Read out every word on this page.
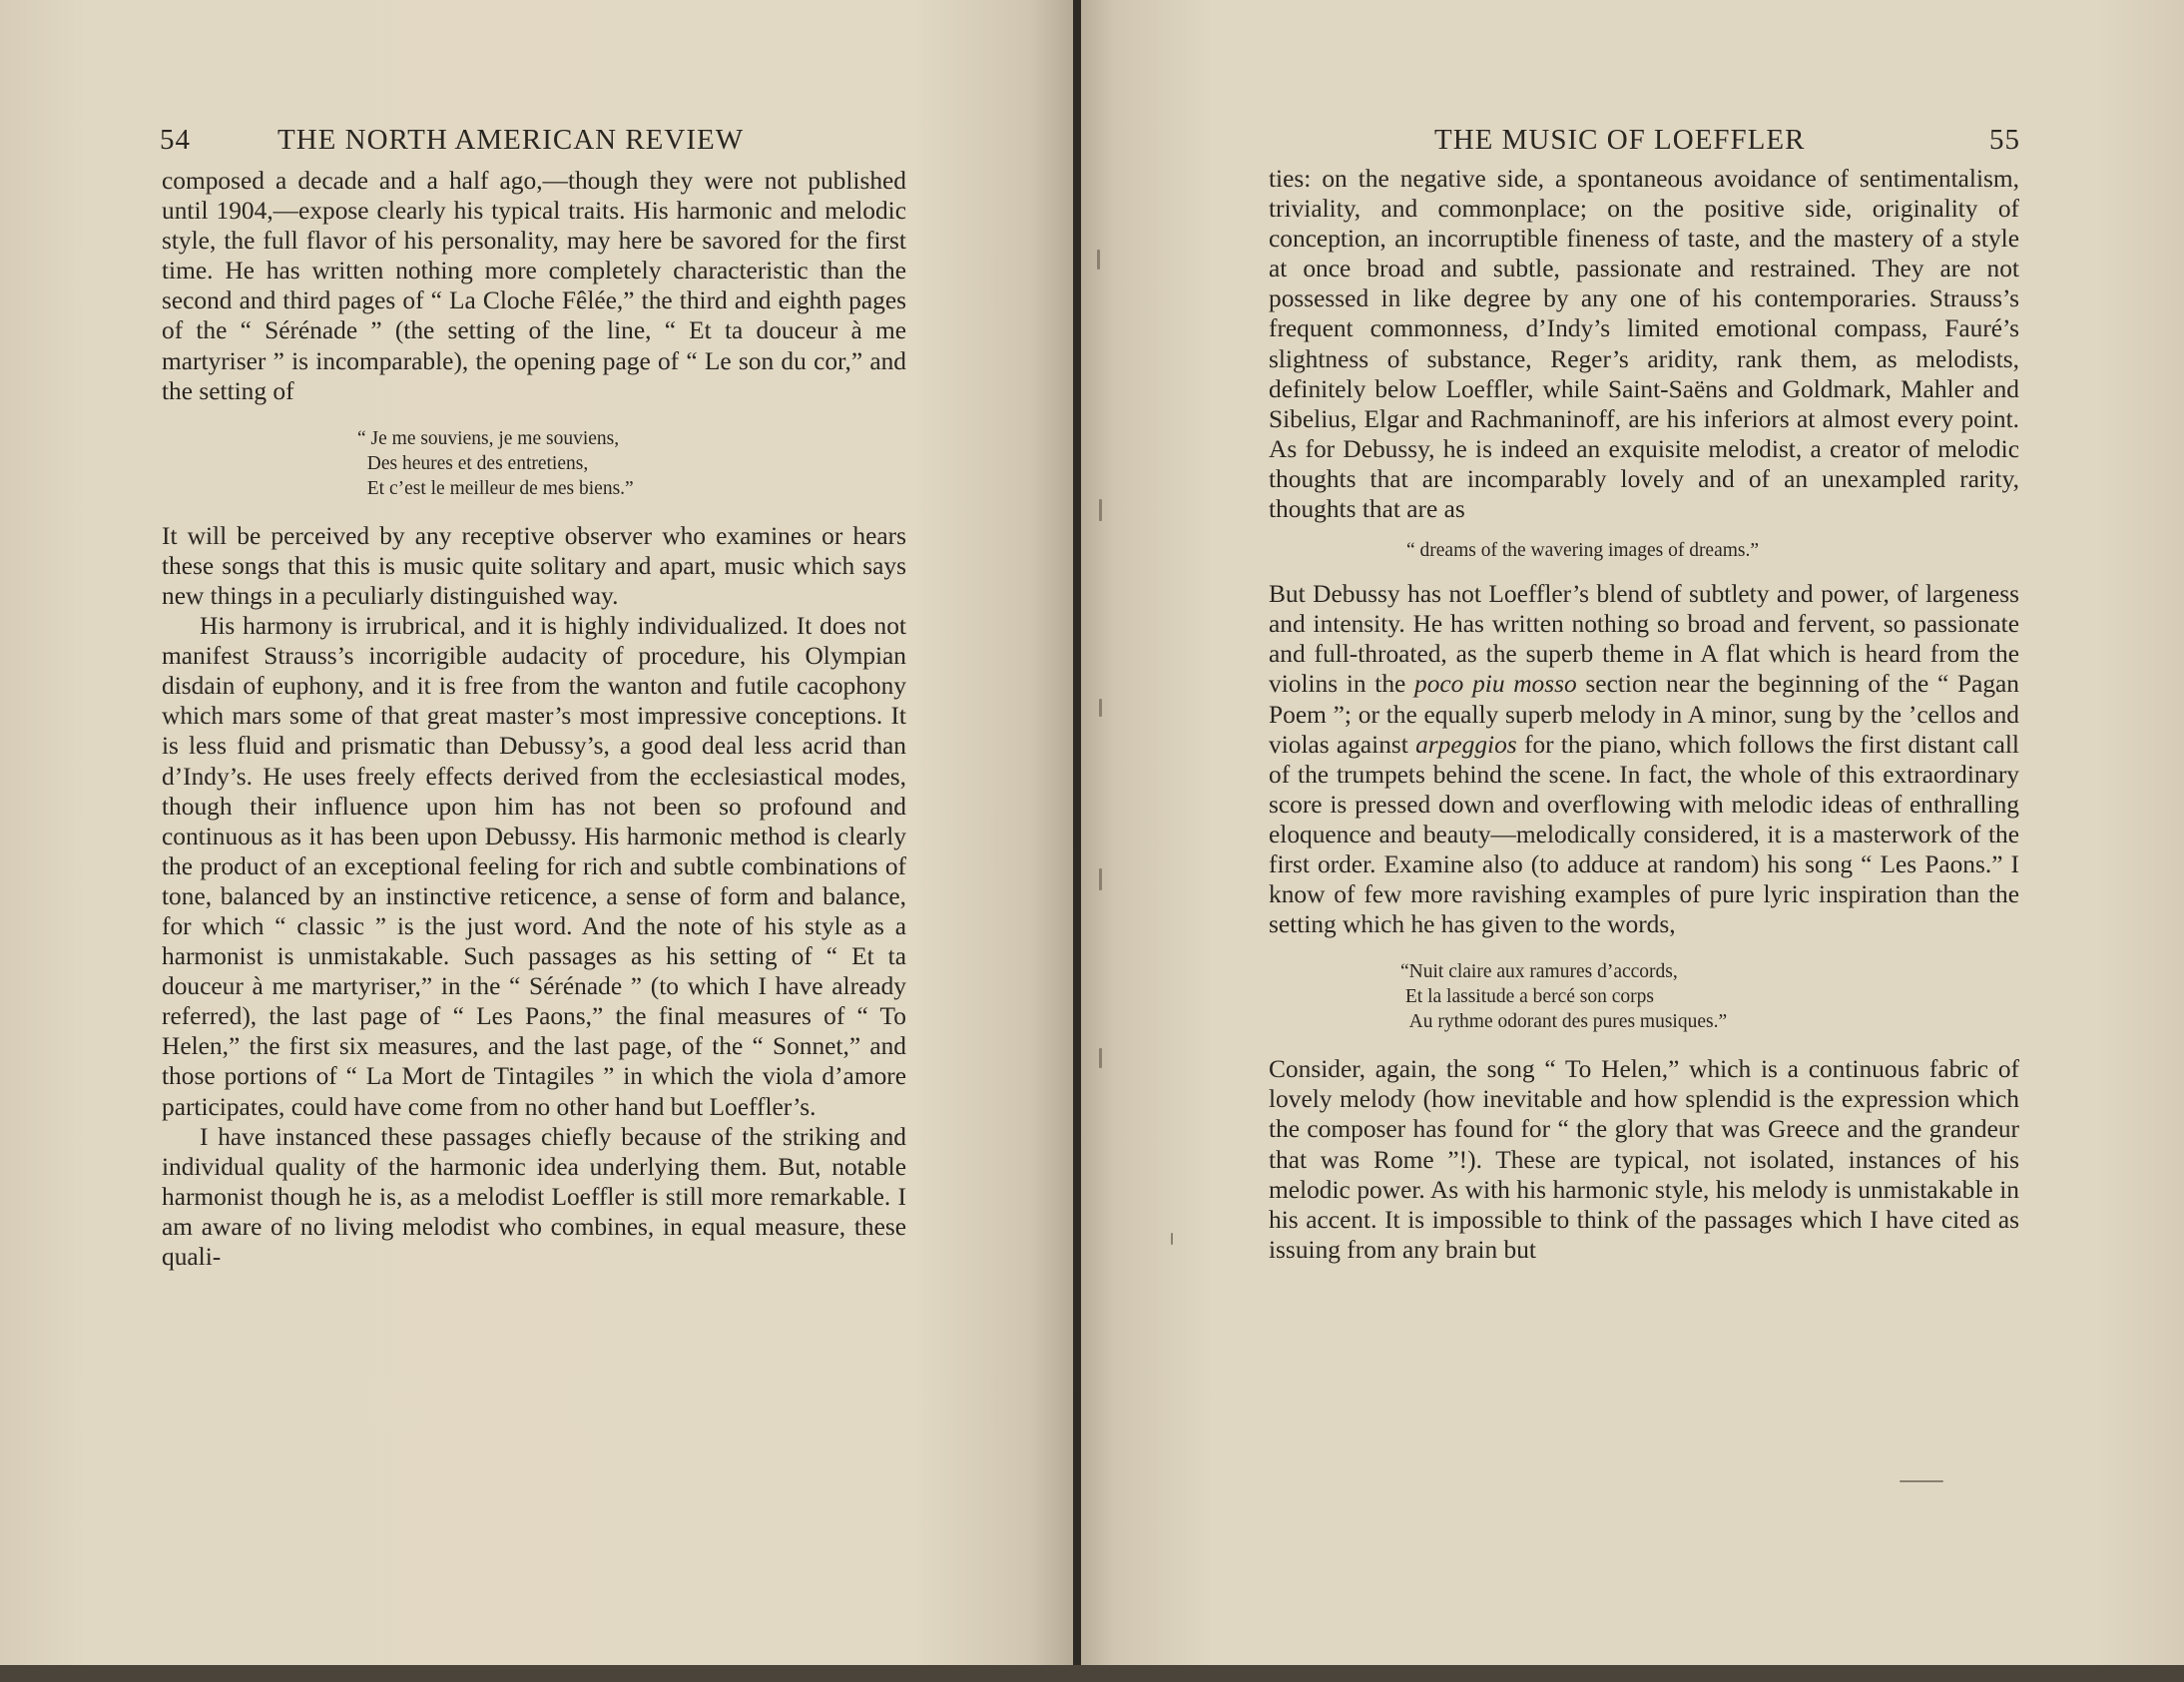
54	THE NORTH AMERICAN REVIEW

composed a decade and a half ago,—though they were not published until 1904,—expose clearly his typical traits. His harmonic and melodic style, the full flavor of his personality, may here be savored for the first time. He has written nothing more completely characteristic than the second and third pages of “ La Cloche Fêlée,” the third and eighth pages of the “ Sérénade ” (the setting of the line, “ Et ta douceur à me martyriser ” is incomparable), the opening page of “ Le son du cor,” and the setting of

“ Je me souviens, je me souviens,
Des heures et des entretiens,
Et c’est le meilleur de mes biens.”

It will be perceived by any receptive observer who examines or hears these songs that this is music quite solitary and apart, music which says new things in a peculiarly distinguished way.

His harmony is irrubrical, and it is highly individualized. It does not manifest Strauss’s incorrigible audacity of procedure, his Olympian disdain of euphony, and it is free from the wanton and futile cacophony which mars some of that great master’s most impressive conceptions. It is less fluid and prismatic than Debussy’s, a good deal less acrid than d’Indy’s. He uses freely effects derived from the ecclesiastical modes, though their influence upon him has not been so profound and continuous as it has been upon Debussy. His harmonic method is clearly the product of an exceptional feeling for rich and subtle combinations of tone, balanced by an instinctive reticence, a sense of form and balance, for which “ classic ” is the just word. And the note of his style as a harmonist is unmistakable. Such passages as his setting of “ Et ta douceur à me martyriser,” in the “ Sérénade ” (to which I have already referred), the last page of “ Les Paons,” the final measures of “ To Helen,” the first six measures, and the last page, of the “ Sonnet,” and those portions of “ La Mort de Tintagiles ” in which the viola d’amore participates, could have come from no other hand but Loeffler’s.

I have instanced these passages chiefly because of the striking and individual quality of the harmonic idea underlying them. But, notable harmonist though he is, as a melodist Loeffler is still more remarkable. I am aware of no living melodist who combines, in equal measure, these quali-

THE MUSIC OF LOEFFLER	55

ties: on the negative side, a spontaneous avoidance of sentimentalism, triviality, and commonplace; on the positive side, originality of conception, an incorruptible fineness of taste, and the mastery of a style at once broad and subtle, passionate and restrained. They are not possessed in like degree by any one of his contemporaries. Strauss’s frequent commonness, d’Indy’s limited emotional compass, Fauré’s slightness of substance, Reger’s aridity, rank them, as melodists, definitely below Loeffler, while Saint-Saëns and Goldmark, Mahler and Sibelius, Elgar and Rachmaninoff, are his inferiors at almost every point. As for Debussy, he is indeed an exquisite melodist, a creator of melodic thoughts that are incomparably lovely and of an unexampled rarity, thoughts that are as

“ dreams of the wavering images of dreams.”

But Debussy has not Loeffler’s blend of subtlety and power, of largeness and intensity. He has written nothing so broad and fervent, so passionate and full-throated, as the superb theme in A flat which is heard from the violins in the poco piu mosso section near the beginning of the “ Pagan Poem ”; or the equally superb melody in A minor, sung by the ’cellos and violas against arpeggios for the piano, which follows the first distant call of the trumpets behind the scene. In fact, the whole of this extraordinary score is pressed down and overflowing with melodic ideas of enthralling eloquence and beauty—melodically considered, it is a masterwork of the first order. Examine also (to adduce at random) his song “ Les Paons.” I know of few more ravishing examples of pure lyric inspiration than the setting which he has given to the words,

“Nuit claire aux ramures d’accords,
Et la lassitude a bercé son corps
Au rythme odorant des pures musiques.”

Consider, again, the song “ To Helen,” which is a continuous fabric of lovely melody (how inevitable and how splendid is the expression which the composer has found for “ the glory that was Greece and the grandeur that was Rome ”!). These are typical, not isolated, instances of his melodic power. As with his harmonic style, his melody is unmistakable in his accent. It is impossible to think of the passages which I have cited as issuing from any brain but
